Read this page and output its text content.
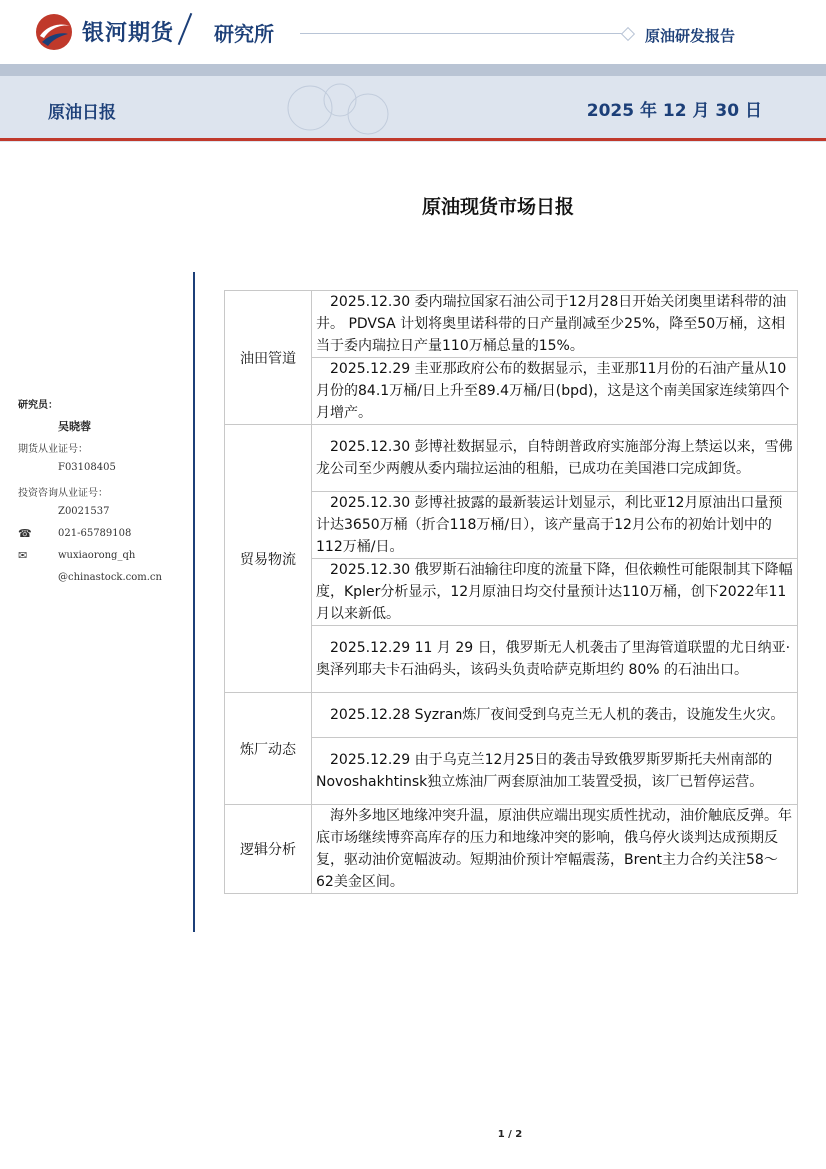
银河期货 研究所	原油研发报告
原油日报	2025 年 12 月 30 日
原油现货市场日报
研究员：
吴晓蓉
期货从业证号：
F03108405
投资咨询从业证号：
Z0021537
☎	021-65789108
✉	wuxiaorong_qh
@chinastock.com.cn
油田管道	2025.12.30 委内瑞拉国家石油公司于12月28日开始关闭奥里诺科带的油井。 PDVSA 计划将奥里诺科带的日产量削减至少25%，降至50万桶，这相当于委内瑞拉日产量110万桶总量的15%。
	2025.12.29 圭亚那政府公布的数据显示，圭亚那11月份的石油产量从10月份的84.1万桶/日上升至89.4万桶/日(bpd)，这是这个南美国家连续第四个月增产。
贸易物流	2025.12.30 彭博社数据显示，自特朗普政府实施部分海上禁运以来，雪佛龙公司至少两艘从委内瑞拉运油的租船，已成功在美国港口完成卸货。
	2025.12.30 彭博社披露的最新装运计划显示，利比亚12月原油出口量预计达3650万桶（折合118万桶/日），该产量高于12月公布的初始计划中的112万桶/日。
	2025.12.30 俄罗斯石油输往印度的流量下降，但依赖性可能限制其下降幅度，Kpler分析显示，12月原油日均交付量预计达110万桶，创下2022年11月以来新低。
	2025.12.29 11 月 29 日，俄罗斯无人机袭击了里海管道联盟的尤日纳亚·奥泽列耶夫卡石油码头，该码头负责哈萨克斯坦约 80% 的石油出口。
炼厂动态	2025.12.28 Syzran炼厂夜间受到乌克兰无人机的袭击，设施发生火灾。
	2025.12.29 由于乌克兰12月25日的袭击导致俄罗斯罗斯托夫州南部的Novoshakhtinsk独立炼油厂两套原油加工装置受损，该厂已暂停运营。
逻辑分析	海外多地区地缘冲突升温，原油供应端出现实质性扰动，油价触底反弹。年底市场继续博弈高库存的压力和地缘冲突的影响，俄乌停火谈判达成预期反复，驱动油价宽幅波动。短期油价预计窄幅震荡，Brent主力合约关注58～62美金区间。
1 / 2
